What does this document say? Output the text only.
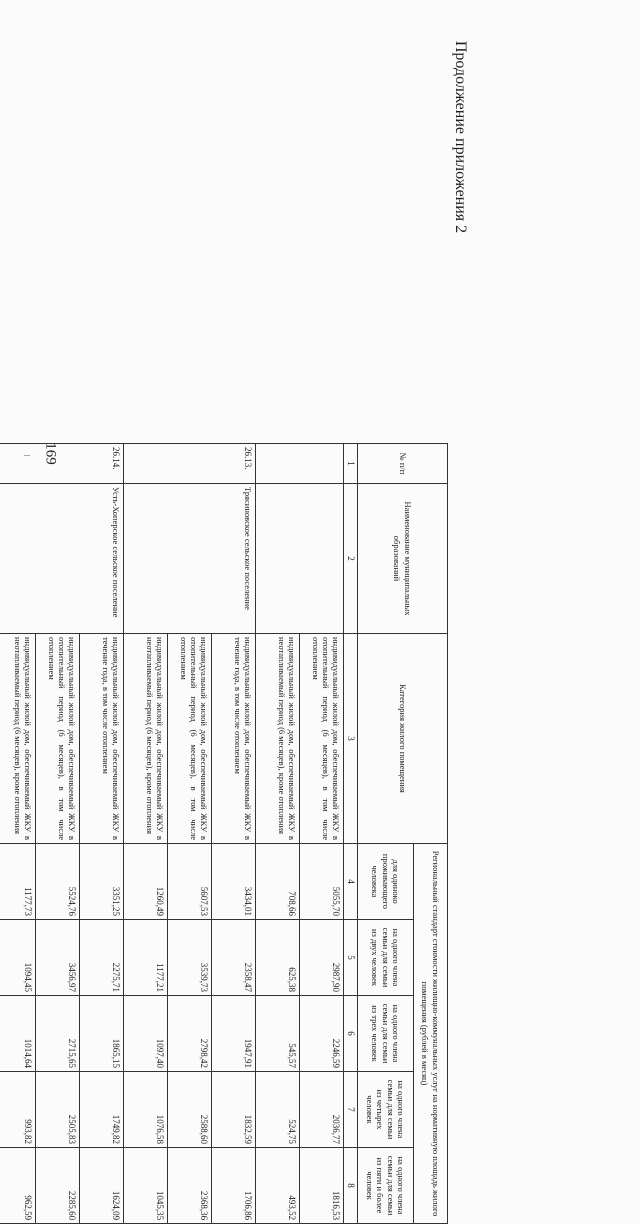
169
Продолжение приложения 2
№ п/п	Наименование муниципальных образований	Категория жилого помещения	Региональный стандарт стоимости жилищно-коммунальных услуг на нормативную площадь жилого помещения (рублей в месяц)				
			для одиноко проживающего человека	на одного члена семьи для семьи из двух человек	на одного члена семьи для семьи из трех человек	на одного члена семьи для семьи из четырех человек	на одного члена семьи для семьи из пяти и более человек
1	2	3	4	5	6	7	8
		индивидуальный жилой дом, обеспечиваемый ЖКУ в отопительный период (6 месяцев), в том числе отоплением	5055,70	2987,90	2246,59	2036,77	1816,53
		индивидуальный жилой дом, обеспечиваемый ЖКУ в неотапливаемый период (6 месяцев), кроме отопления	708,66	625,38	545,57	524,75	493,52
26.13.	Трясиновское сельское поселение	индивидуальный жилой дом, обеспечиваемый ЖКУ в течение года, в том числе отоплением	3434,01	2358,47	1947,91	1832,59	1706,86
		индивидуальный жилой дом, обеспечиваемый ЖКУ в отопительный период (6 месяцев), в том числе отоплением	5607,53	3539,73	2798,42	2588,60	2368,36
		индивидуальный жилой дом, обеспечиваемый ЖКУ в неотапливаемый период (6 месяцев), кроме отопления	1260,49	1177,21	1097,40	1076,58	1045,35
26.14.	Усть-Хоперское сельское поселение	индивидуальный жилой дом, обеспечиваемый ЖКУ в течение года, в том числе отоплением	3351,25	2275,71	1865,15	1749,82	1624,09
		индивидуальный жилой дом, обеспечиваемый ЖКУ в отопительный период (6 месяцев), в том числе отоплением	5524,76	3456,97	2715,65	2505,83	2285,60
		индивидуальный жилой дом, обеспечиваемый ЖКУ в неотапливаемый период (6 месяцев), кроме отопления	1177,73	1094,45	1014,64	993,82	962,59
